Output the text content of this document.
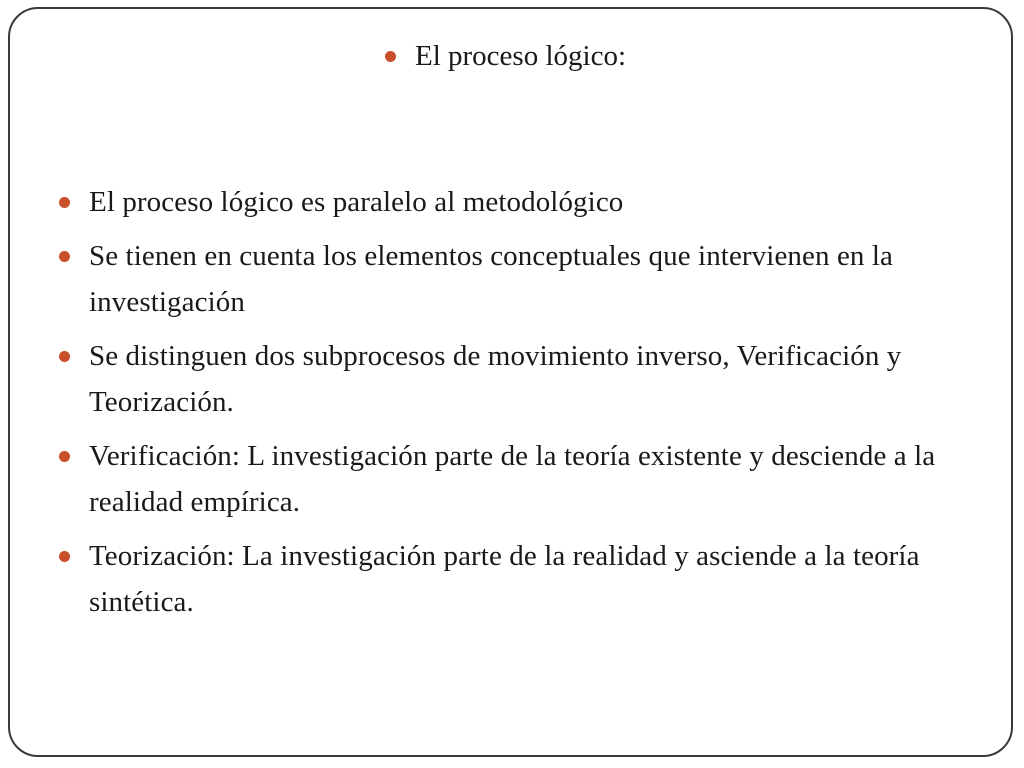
El proceso lógico:
El proceso lógico es paralelo al metodológico
Se tienen en cuenta los elementos conceptuales que intervienen en la investigación
Se distinguen dos subprocesos de movimiento inverso, Verificación y Teorización.
Verificación: L investigación parte de la teoría existente y desciende a la realidad empírica.
Teorización: La investigación parte de la realidad y asciende a la teoría sintética.
